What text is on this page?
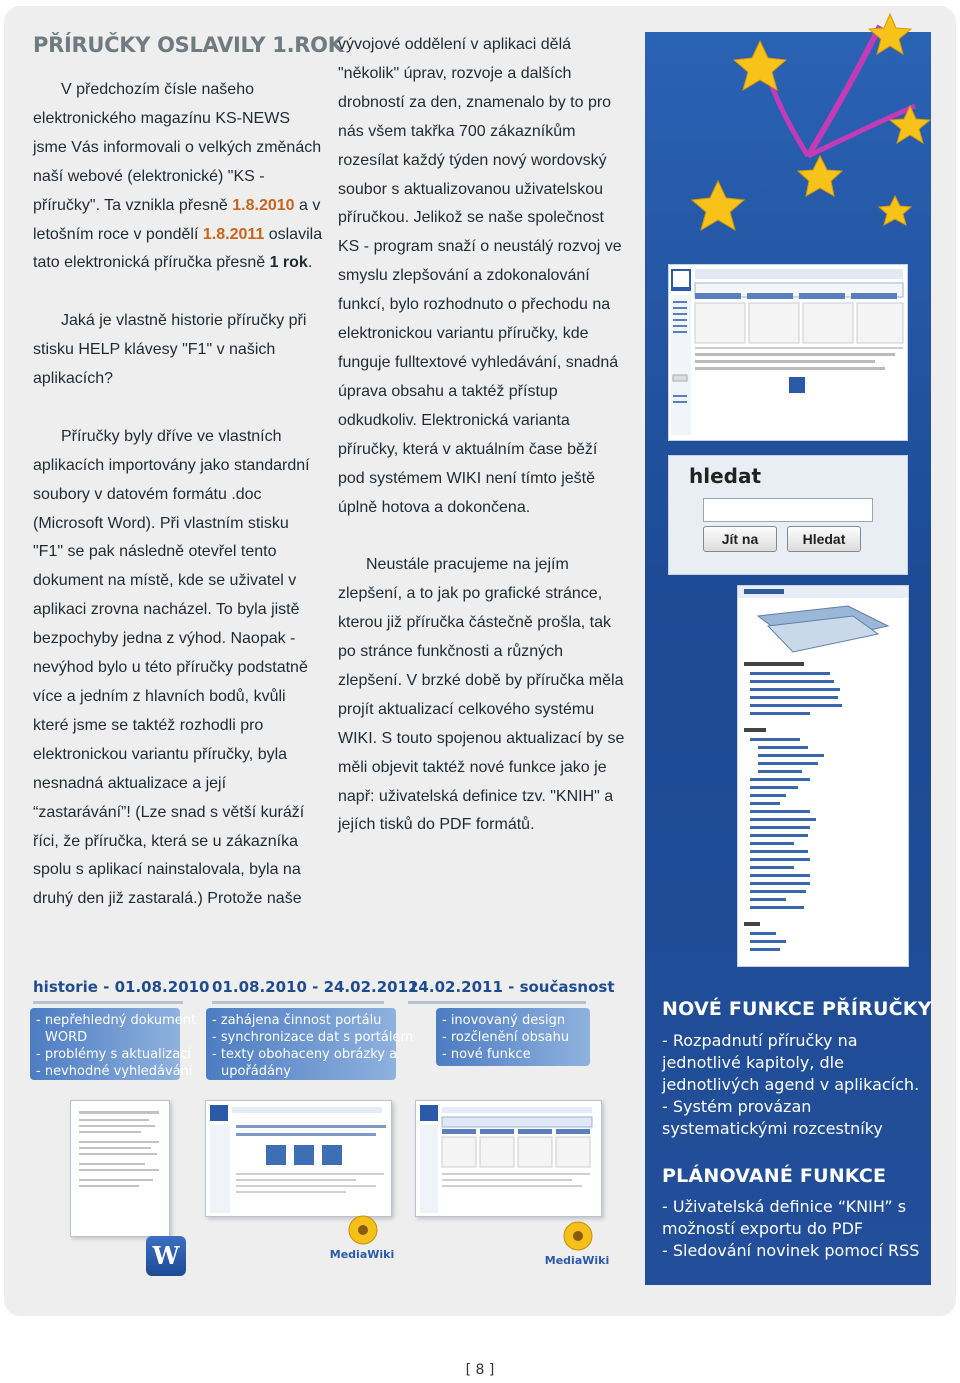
PŘÍRUČKY OSLAVILY 1.ROK

V předchozím čísle našeho elektronického magazínu KS-NEWS jsme Vás informovali o velkých změnách naší webové (elektronické) "KS - příručky". Ta vznikla přesně 1.8.2010 a v letošním roce v pondělí 1.8.2011 oslavila tato elektronická příručka přesně 1 rok.

Jaká je vlastně historie příručky při stisku HELP klávesy "F1" v našich aplikacích?

Příručky byly dříve ve vlastních aplikacích importovány jako standardní soubory v datovém formátu .doc (Microsoft Word). Při vlastním stisku "F1" se pak následně otevřel tento dokument na místě, kde se uživatel v aplikaci zrovna nacházel. To byla jistě bezpochyby jedna z výhod. Naopak - nevýhod bylo u této příručky podstatně více a jedním z hlavních bodů, kvůli které jsme se taktéž rozhodli pro elektronickou variantu příručky, byla nesnadná aktualizace a její “zastarávání”! (Lze snad s větší kuráží říci, že příručka, která se u zákazníka spolu s aplikací nainstalovala, byla na druhý den již zastaralá.) Protože naše

vývojové oddělení v aplikaci dělá "několik" úprav, rozvoje a dalších drobností za den, znamenalo by to pro nás všem takřka 700 zákazníkům rozesílat každý týden nový wordovský soubor s aktualizovanou uživatelskou příručkou. Jelikož se naše společnost KS - program snaží o neustálý rozvoj ve smyslu zlepšování a zdokonalování funkcí, bylo rozhodnuto o přechodu na elektronickou variantu příručky, kde funguje fulltextové vyhledávání, snadná úprava obsahu a taktéž přístup odkudkoliv. Elektronická varianta příručky, která v aktuálním čase běží pod systémem WIKI není tímto ještě úplně hotova a dokončena.

Neustále pracujeme na jejím zlepšení, a to jak po grafické stránce, kterou již příručka částečně prošla, tak po stránce funkčnosti a různých zlepšení. V brzké době by příručka měla projít aktualizací celkového systému WIKI. S touto spojenou aktualizací by se měli objevit taktéž nové funkce jako je např: uživatelská definice tzv. "KNIH" a jejích tisků do PDF formátů.

hledat
Jít na	Hledat
NOVÉ FUNKCE PŘÍRUČKY
- Rozpadnutí příručky na jednotlivé kapitoly, dle jednotlivých agend v aplikacích.
- Systém provázan systematickými rozcestníky
PLÁNOVANÉ FUNKCE
- Uživatelská definice “KNIH” s možností exportu do PDF
- Sledování novinek pomocí RSS
historie - 01.08.2010 01.08.2010 - 24.02.2011
24.02.2011 - současnost
- nepřehledný dokument
WORD
- problémy s aktualizací
- nevhodné vyhledávání
- zahájena činnost portálu
- synchronizace dat s portálem
- texty obohaceny obrázky a
upořádány
- inovovaný design
- rozčlenění obsahu
- nové funkce
W	MediaWiki	MediaWiki
[ 8 ]
